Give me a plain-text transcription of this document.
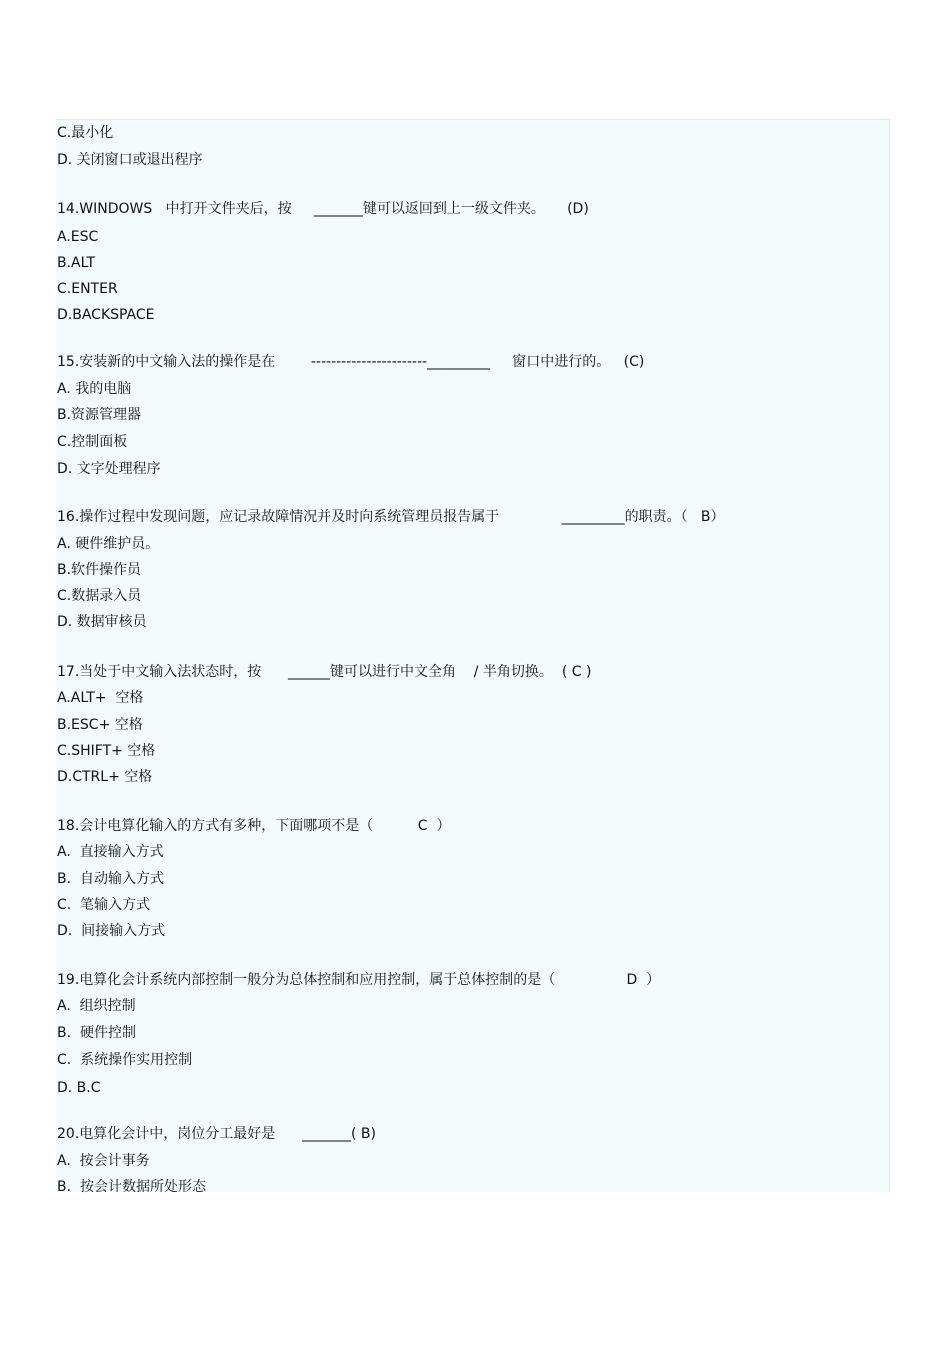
C.最小化
D. 关闭窗口或退出程序
14.WINDOWS   中打开文件夹后，按     _______键可以返回到上一级文件夹。     (D)
A.ESC
B.ALT
C.ENTER
D.BACKSPACE
15.安装新的中文输入法的操作是在        -----------------------_________     窗口中进行的。   (C)
A. 我的电脑
B.资源管理器
C.控制面板
D. 文字处理程序
16.操作过程中发现问题，应记录故障情况并及时向系统管理员报告属于              _________的职责。（   B）
A. 硬件维护员。
B.软件操作员
C.数据录入员
D. 数据审核员
17.当处于中文输入法状态时，按      ______键可以进行中文全角    / 半角切换。  ( C )
A.ALT+  空格
B.ESC+ 空格
C.SHIFT+ 空格
D.CTRL+ 空格
18.会计电算化输入的方式有多种，下面哪项不是（          C  ）
A.  直接输入方式
B.  自动输入方式
C.  笔输入方式
D.  间接输入方式
19.电算化会计系统内部控制一般分为总体控制和应用控制，属于总体控制的是（                D  ）
A.  组织控制
B.  硬件控制
C.  系统操作实用控制
D. B.C
20.电算化会计中，岗位分工最好是      _______( B)
A.  按会计事务
B.  按会计数据所处形态
